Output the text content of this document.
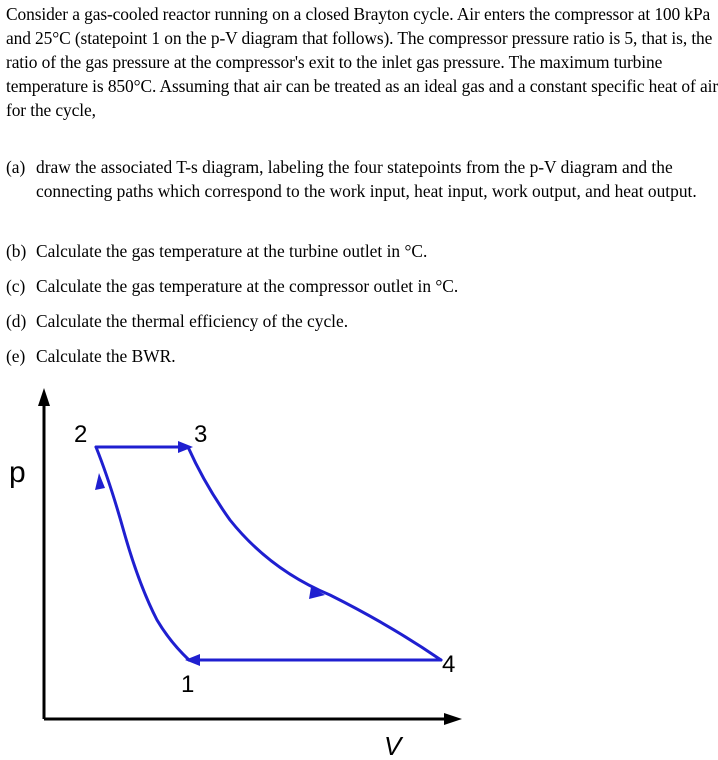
Consider a gas-cooled reactor running on a closed Brayton cycle. Air enters the compressor at 100 kPa and 25°C (statepoint 1 on the p-V diagram that follows). The compressor pressure ratio is 5, that is, the ratio of the gas pressure at the compressor's exit to the inlet gas pressure. The maximum turbine temperature is 850°C. Assuming that air can be treated as an ideal gas and a constant specific heat of air for the cycle,
(a) draw the associated T-s diagram, labeling the four statepoints from the p-V diagram and the connecting paths which correspond to the work input, heat input, work output, and heat output.
(b) Calculate the gas temperature at the turbine outlet in °C.
(c) Calculate the gas temperature at the compressor outlet in °C.
(d) Calculate the thermal efficiency of the cycle.
(e) Calculate the BWR.
p
V
2	3
4
1
